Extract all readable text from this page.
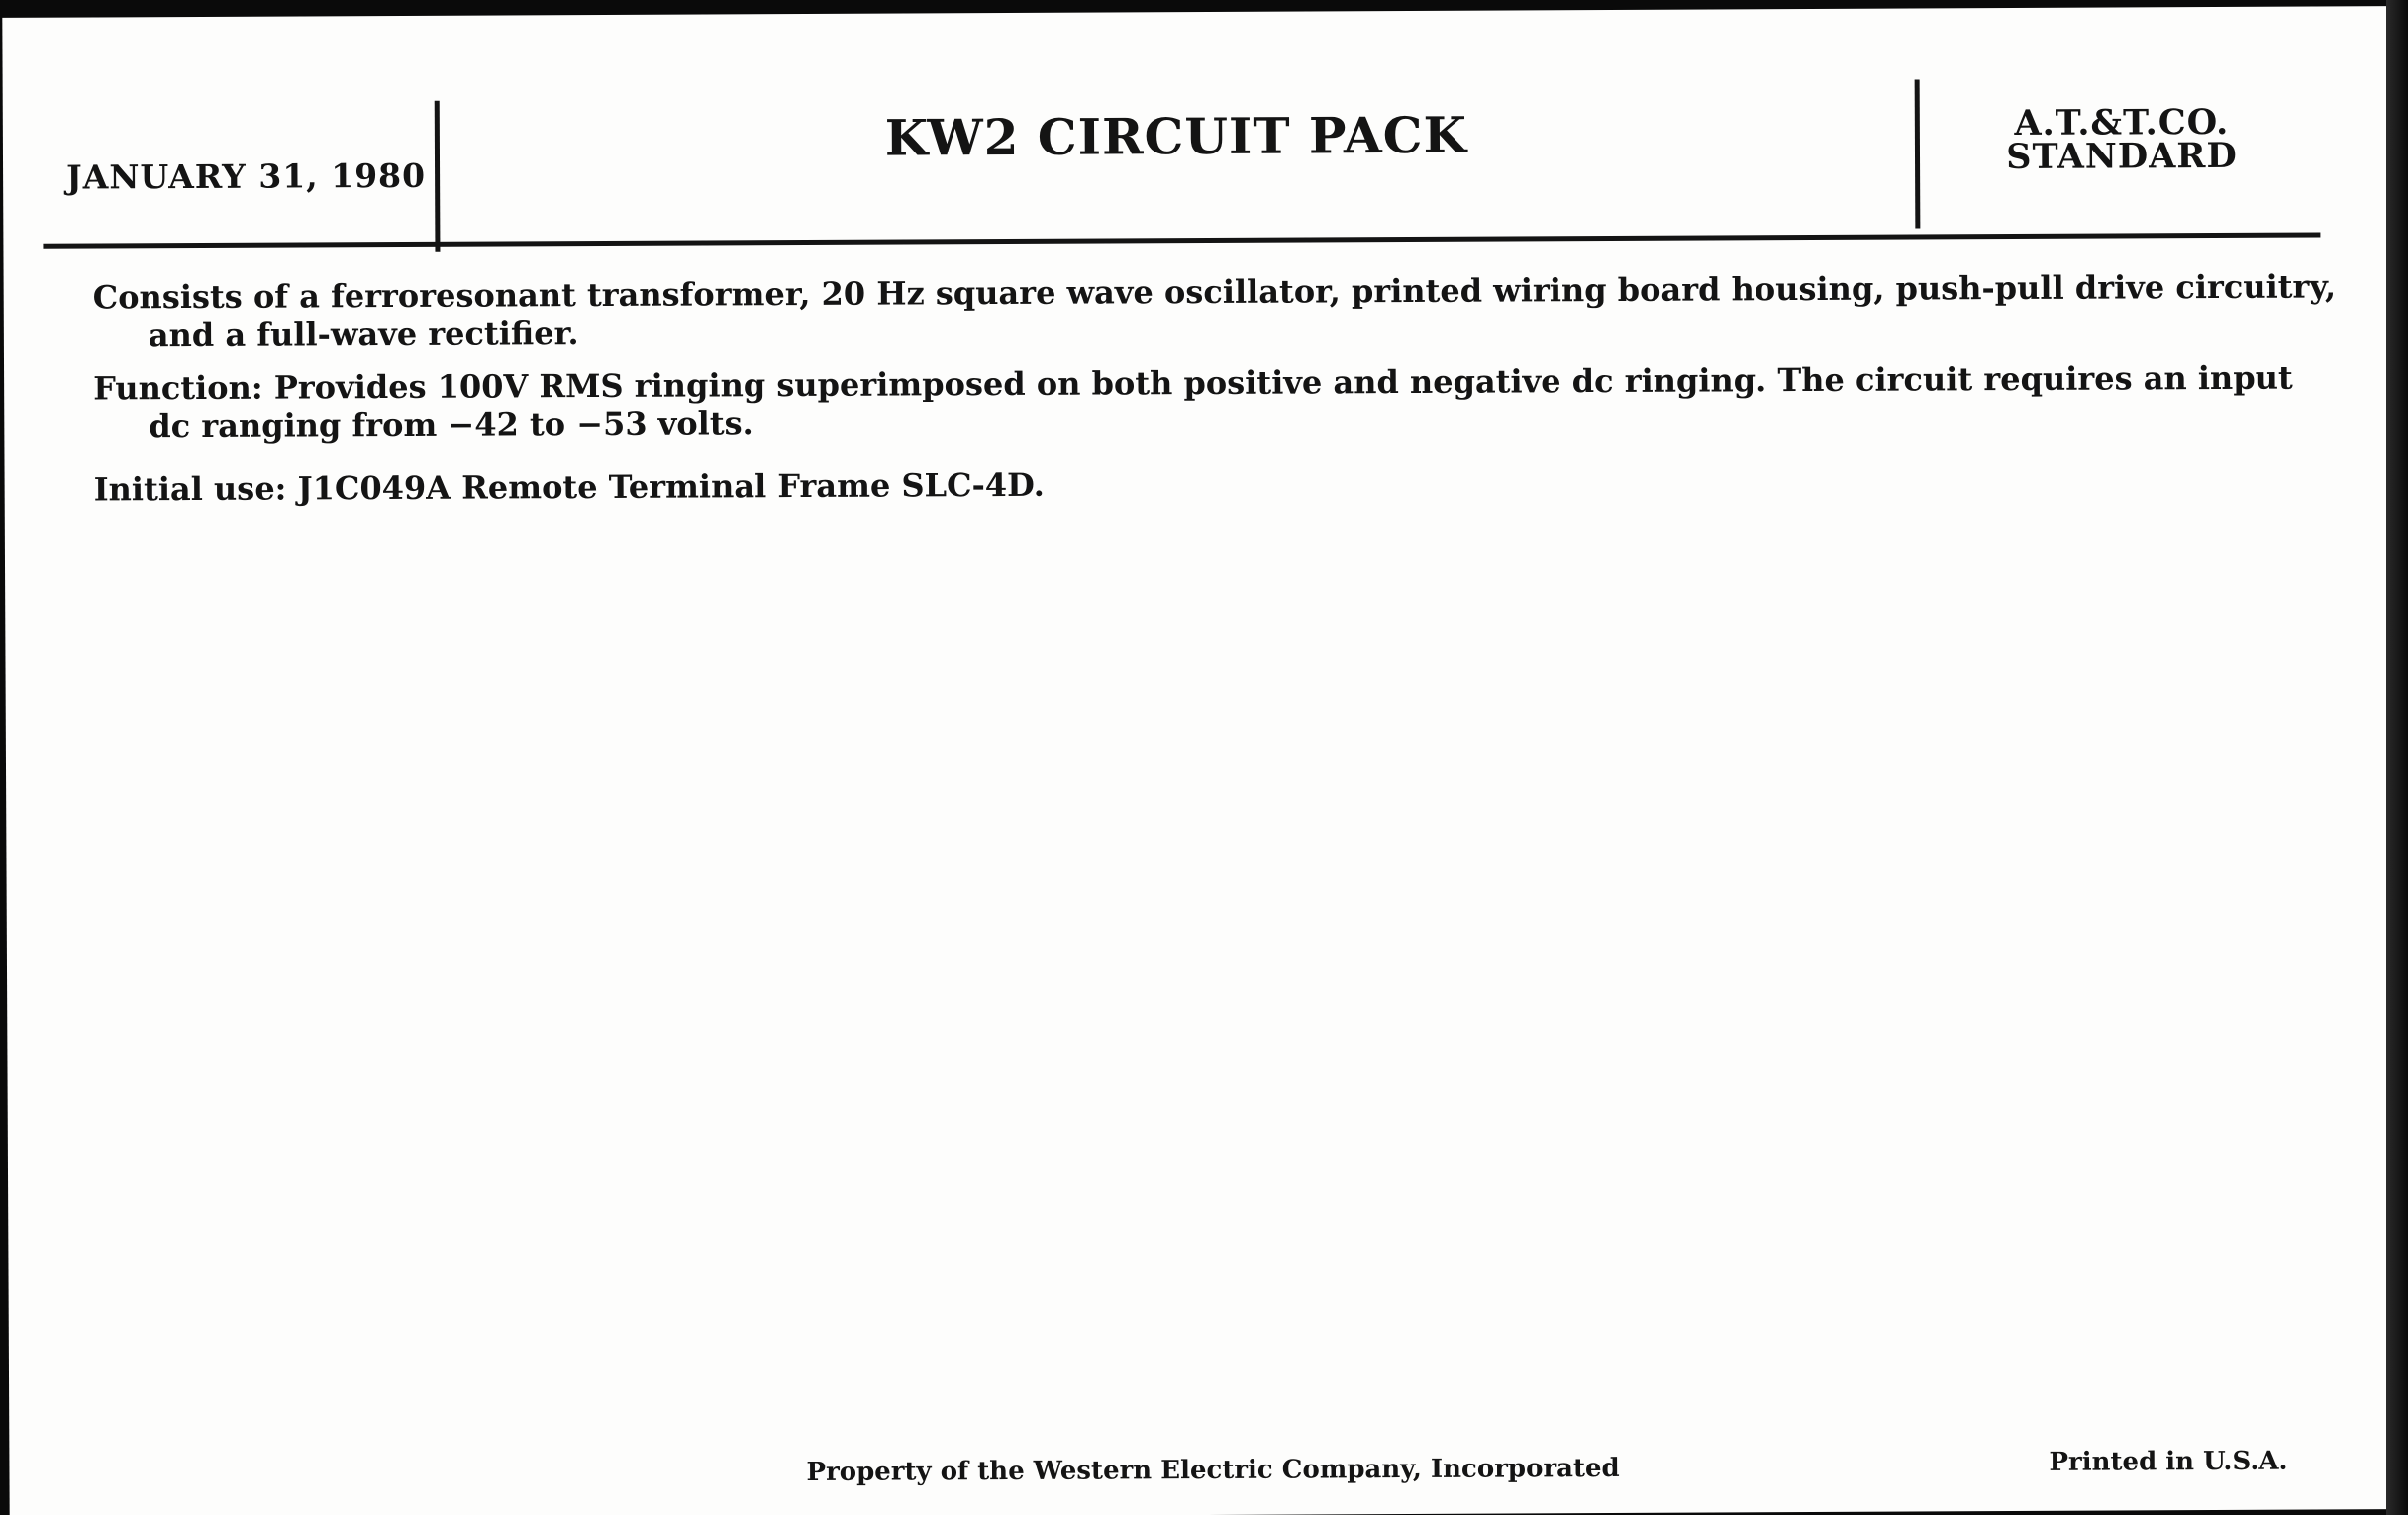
JANUARY 31, 1980
KW2 CIRCUIT PACK	A.T.&T.CO.
STANDARD
Consists of a ferroresonant transformer, 20 Hz square wave oscillator, printed wiring board housing, push-pull drive circuitry, and a full-wave rectifier.
Function: Provides 100V RMS ringing superimposed on both positive and negative dc ringing. The circuit requires an input dc ranging from −42 to −53 volts.
Initial use: J1C049A Remote Terminal Frame SLC-4D.
Property of the Western Electric Company, Incorporated	Printed in U.S.A.
